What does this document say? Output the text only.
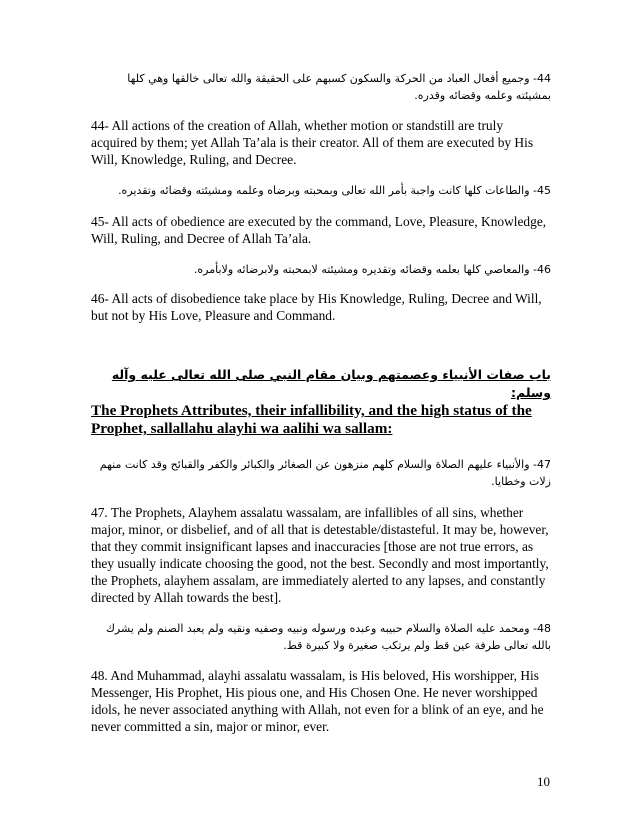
44- وجميع أفعال العباد من الحركة والسكون كسبهم على الحقيقة والله تعالى خالقها وهي كلها بمشيئته وعلمه وقضائه وقدره.

44- All actions of the creation of Allah, whether motion or standstill are truly acquired by them; yet Allah Ta’ala is their creator. All of them are executed by His Will, Knowledge, Ruling, and Decree.

45- والطاعات كلها كانت واجبة بأمر الله تعالى وبمحبته وبرضاه وعلمه ومشيئته وقضائه وتقديره.

45- All acts of obedience are executed by the command, Love, Pleasure, Knowledge, Will, Ruling, and Decree of Allah Ta’ala.

46- والمعاصي كلها بعلمه وقضائه وتقديره ومشيئته لابمحبته ولابرضائه ولابأمره.

46- All acts of disobedience take place by His Knowledge, Ruling, Decree and Will, but not by His Love, Pleasure and Command.

باب صفات الأنبياء وعصمتهم وبيان مقام النبي صلى الله تعالى عليه وآله وسلم:

The Prophets Attributes, their infallibility, and the high status of the Prophet, sallallahu alayhi wa aalihi wa sallam:

47- والأنبياء عليهم الصلاة والسلام كلهم منزهون عن الصغائر والكبائر والكفر والقبائح وقد كانت منهم زلات وخطايا.

47. The Prophets, Alayhem assalatu wassalam, are infallibles of all sins, whether major, minor, or disbelief, and of all that is detestable/distasteful. It may be, however, that they commit insignificant lapses and inaccuracies [those are not true errors, as they usually indicate choosing the good, not the best. Secondly and most importantly, the Prophets, alayhem assalam, are immediately alerted to any lapses, and constantly directed by Allah towards the best].

48- ومحمد عليه الصلاة والسلام حبيبه وعبده ورسوله ونبيه وصفيه ونقيه ولم يعبد الصنم ولم يشرك بالله تعالى طرفة عين قط ولم يرتكب صغيرة ولا كبيرة قط.

48. And Muhammad, alayhi assalatu wassalam, is His beloved, His worshipper, His Messenger, His Prophet, His pious one, and His Chosen One. He never worshipped idols, he never associated anything with Allah, not even for a blink of an eye, and he never committed a sin, major or minor, ever.

10
